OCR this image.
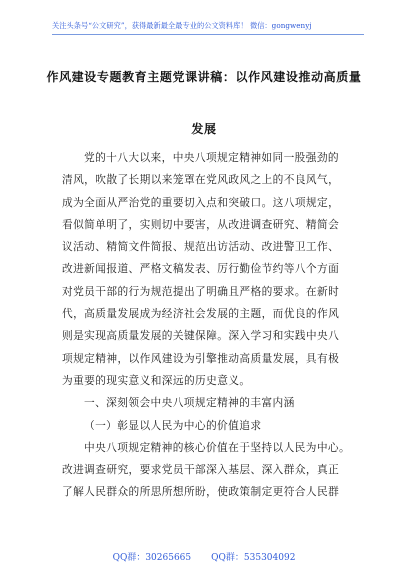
关注头条号“公文研究”，获得最新最全最专业的公文资料库！ 微信：gongwenyj
作风建设专题教育主题党课讲稿：以作风建设推动高质量
发展
党的十八大以来，中央八项规定精神如同一股强劲的
清风，吹散了长期以来笼罩在党风政风之上的不良风气，
成为全面从严治党的重要切入点和突破口。这八项规定，
看似简单明了，实则切中要害，从改进调查研究、精简会
议活动、精简文件简报、规范出访活动、改进警卫工作、
改进新闻报道、严格文稿发表、厉行勤俭节约等八个方面
对党员干部的行为规范提出了明确且严格的要求。在新时
代，高质量发展成为经济社会发展的主题，而优良的作风
则是实现高质量发展的关键保障。深入学习和实践中央八
项规定精神，以作风建设为引擎推动高质量发展，具有极
为重要的现实意义和深远的历史意义。
一、深刻领会中央八项规定精神的丰富内涵
（一）彰显以人民为中心的价值追求
中央八项规定精神的核心价值在于坚持以人民为中心。
改进调查研究，要求党员干部深入基层、深入群众，真正
了解人民群众的所思所想所盼，使政策制定更符合人民群
QQ群：30265665 QQ群：535304092
